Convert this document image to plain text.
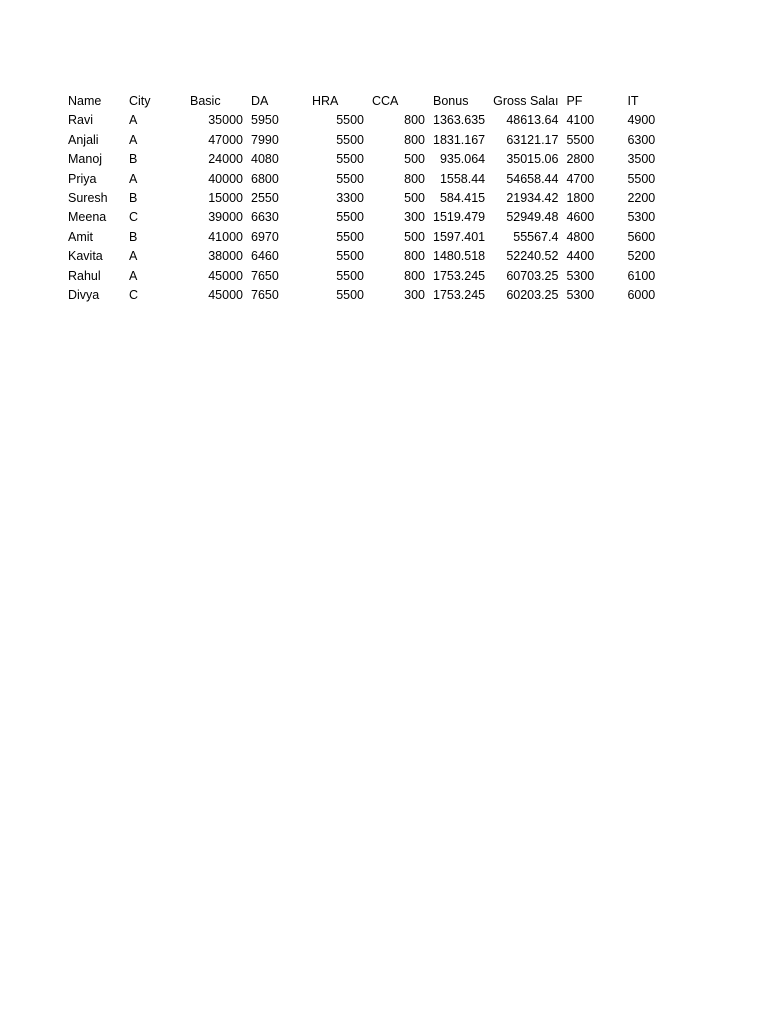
Name	City	Basic	DA	HRA	CCA	Bonus	Gross Salaı	PF	IT
Ravi	A	35000	5950	5500	800	1363.635	48613.64	4100	4900
Anjali	A	47000	7990	5500	800	1831.167	63121.17	5500	6300
Manoj	B	24000	4080	5500	500	935.064	35015.06	2800	3500
Priya	A	40000	6800	5500	800	1558.44	54658.44	4700	5500
Suresh	B	15000	2550	3300	500	584.415	21934.42	1800	2200
Meena	C	39000	6630	5500	300	1519.479	52949.48	4600	5300
Amit	B	41000	6970	5500	500	1597.401	55567.4	4800	5600
Kavita	A	38000	6460	5500	800	1480.518	52240.52	4400	5200
Rahul	A	45000	7650	5500	800	1753.245	60703.25	5300	6100
Divya	C	45000	7650	5500	300	1753.245	60203.25	5300	6000
